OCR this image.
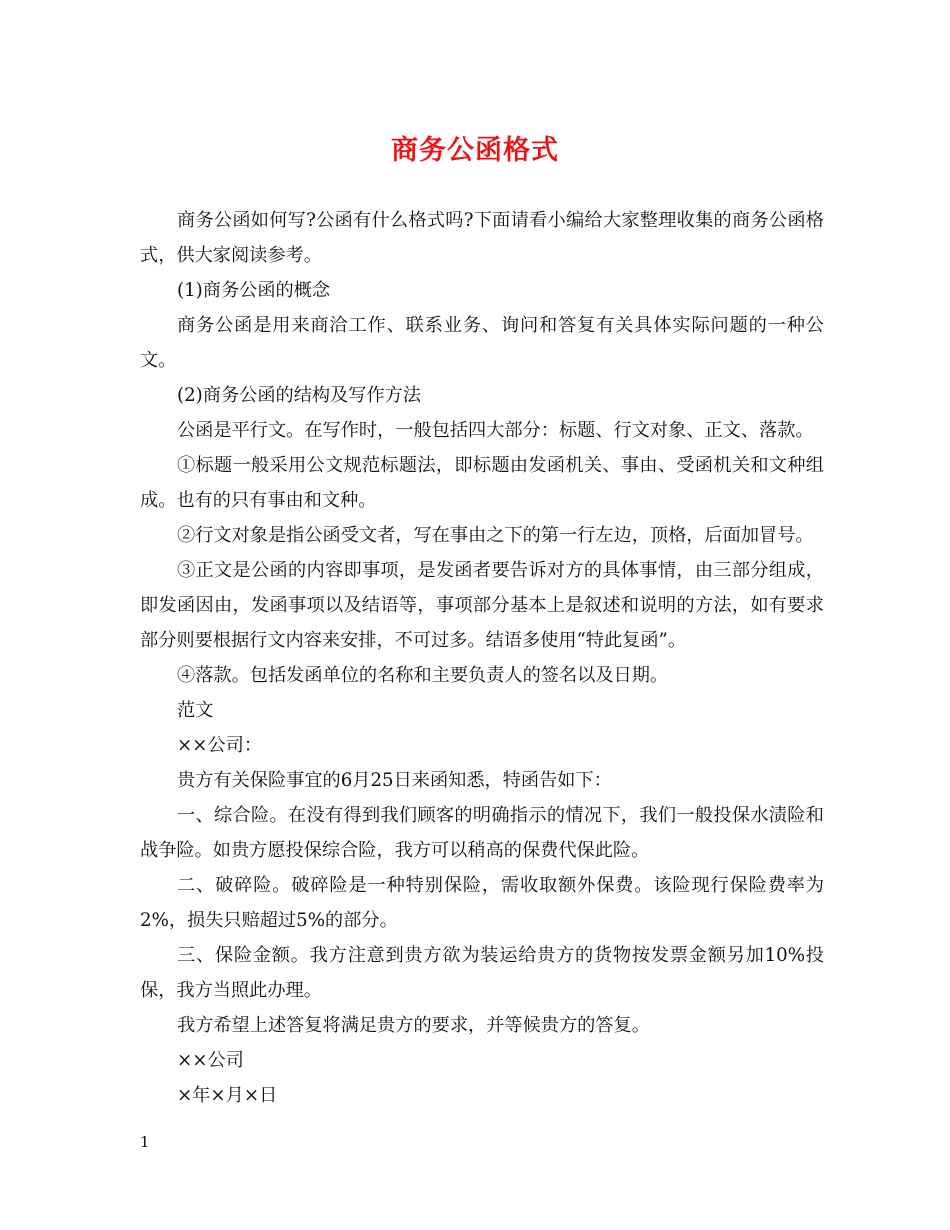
商务公函格式

商务公函如何写?公函有什么格式吗?下面请看小编给大家整理收集的商务公函格式，供大家阅读参考。

(1)商务公函的概念

商务公函是用来商洽工作、联系业务、询问和答复有关具体实际问题的一种公文。

(2)商务公函的结构及写作方法

公函是平行文。在写作时，一般包括四大部分：标题、行文对象、正文、落款。

①标题一般采用公文规范标题法，即标题由发函机关、事由、受函机关和文种组成。也有的只有事由和文种。

②行文对象是指公函受文者，写在事由之下的第一行左边，顶格，后面加冒号。

③正文是公函的内容即事项，是发函者要告诉对方的具体事情，由三部分组成，即发函因由，发函事项以及结语等，事项部分基本上是叙述和说明的方法，如有要求部分则要根据行文内容来安排，不可过多。结语多使用“特此复函”。

④落款。包括发函单位的名称和主要负责人的签名以及日期。

范文

××公司：

贵方有关保险事宜的6月25日来函知悉，特函告如下：

一、综合险。在没有得到我们顾客的明确指示的情况下，我们一般投保水渍险和战争险。如贵方愿投保综合险，我方可以稍高的保费代保此险。

二、破碎险。破碎险是一种特别保险，需收取额外保费。该险现行保险费率为2%，损失只赔超过5%的部分。

三、保险金额。我方注意到贵方欲为装运给贵方的货物按发票金额另加10%投保，我方当照此办理。

我方希望上述答复将满足贵方的要求，并等候贵方的答复。

××公司

×年×月×日

1
